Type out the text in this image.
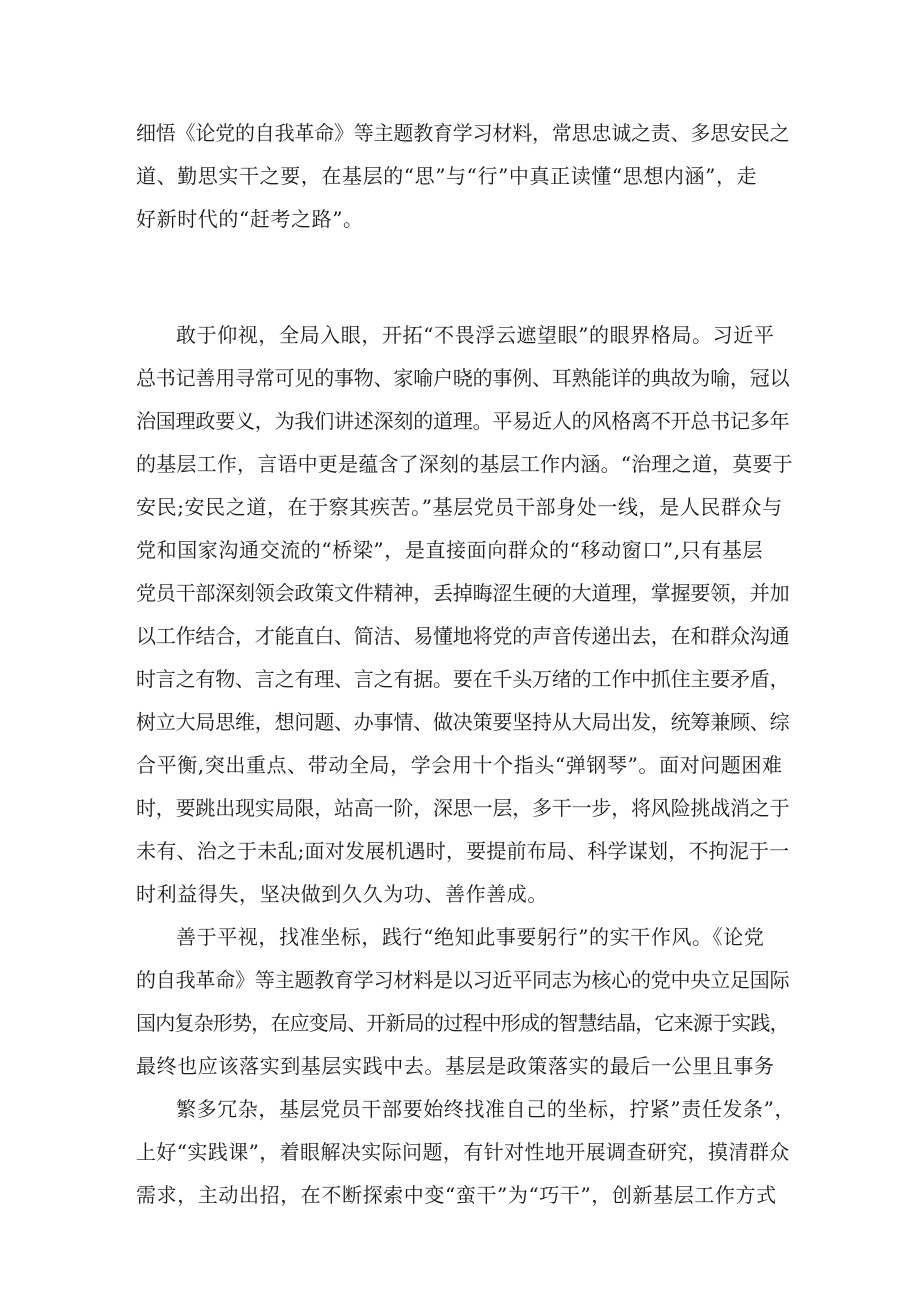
细悟《论党的自我革命》等主题教育学习材料，常思忠诚之责、多思安民之
道、勤思实干之要，在基层的“思”与“行”中真正读懂“思想内涵”，走
好新时代的“赶考之路”。
敢于仰视，全局入眼，开拓“不畏浮云遮望眼”的眼界格局。习近平
总书记善用寻常可见的事物、家喻户晓的事例、耳熟能详的典故为喻，冠以
治国理政要义，为我们讲述深刻的道理。平易近人的风格离不开总书记多年
的基层工作，言语中更是蕴含了深刻的基层工作内涵。“治理之道，莫要于
安民;安民之道，在于察其疾苦。”基层党员干部身处一线，是人民群众与
党和国家沟通交流的“桥梁”，是直接面向群众的“移动窗口”,只有基层
党员干部深刻领会政策文件精神，丢掉晦涩生硬的大道理，掌握要领，并加
以工作结合，才能直白、简洁、易懂地将党的声音传递出去，在和群众沟通
时言之有物、言之有理、言之有据。要在千头万绪的工作中抓住主要矛盾，
树立大局思维，想问题、办事情、做决策要坚持从大局出发，统筹兼顾、综
合平衡,突出重点、带动全局，学会用十个指头“弹钢琴”。面对问题困难
时，要跳出现实局限，站高一阶，深思一层，多干一步，将风险挑战消之于
未有、治之于未乱;面对发展机遇时，要提前布局、科学谋划，不拘泥于一
时利益得失，坚决做到久久为功、善作善成。
善于平视，找准坐标，践行“绝知此事要躬行”的实干作风。《论党
的自我革命》等主题教育学习材料是以习近平同志为核心的党中央立足国际
国内复杂形势，在应变局、开新局的过程中形成的智慧结晶，它来源于实践，
最终也应该落实到基层实践中去。基层是政策落实的最后一公里且事务
繁多冗杂，基层党员干部要始终找准自己的坐标，拧紧”责任发条”，
上好“实践课”，着眼解决实际问题，有针对性地开展调查研究，摸清群众
需求，主动出招，在不断探索中变“蛮干”为“巧干”，创新基层工作方式
